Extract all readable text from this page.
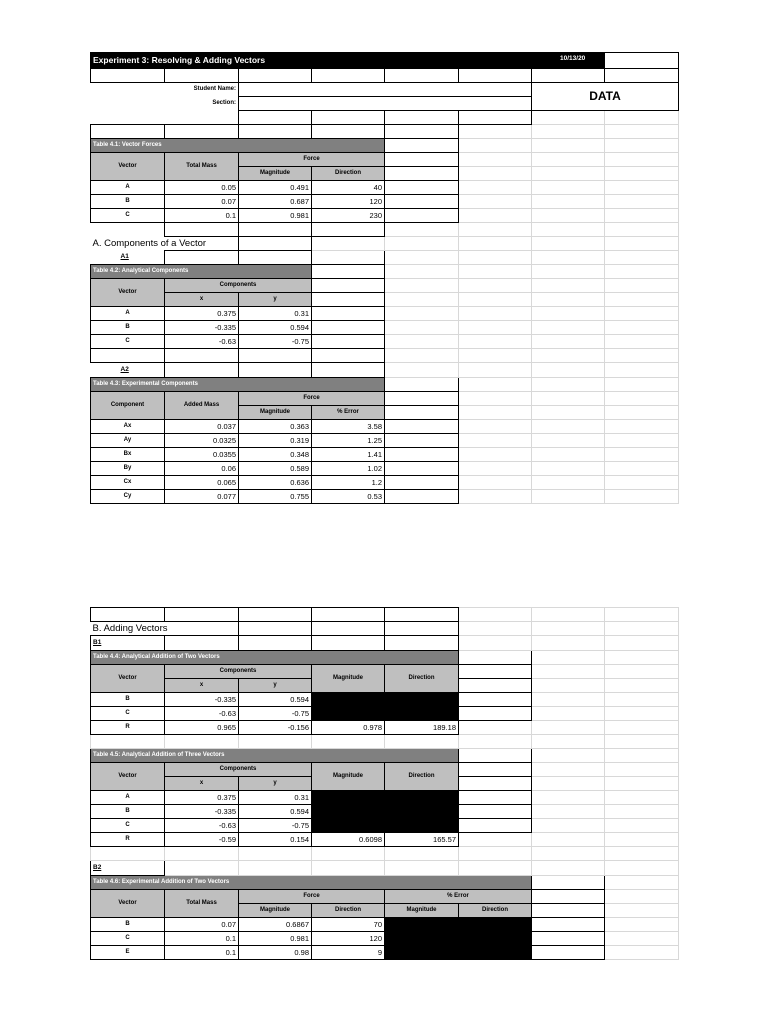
Experiment 3: Resolving & Adding Vectors							

	Student Name:					DATA	
	Section:						

Table 4.1: Vector Forces							
Vector	Total Mass	Force					
		Magnitude	Direction				
A	0.05	0.491	40				
B	0.07	0.687	120				
C	0.1	0.981	230				

A. Components of a Vector							
A1							
Table 4.2: Analytical Components							
Vector	Components						
	x	y					
A	0.375	0.31					
B	-0.335	0.594					
C	-0.63	-0.75					

A2							
Table 4.3: Experimental Components							
Component	Added Mass	Force					
		Magnitude	% Error				
Ax	0.037	0.363	3.58				
Ay	0.0325	0.319	1.25				
Bx	0.0355	0.348	1.41				
By	0.06	0.589	1.02				
Cx	0.065	0.636	1.2				
Cy	0.077	0.755	0.53				

B. Adding Vectors							
B1							
Table 4.4: Analytical Addition of Two Vectors							
Vector	Components		Magnitude	Direction			
	x	y					
B	-0.335	0.594					
C	-0.63	-0.75					
R	0.965	-0.156	0.978	189.18			

Table 4.5: Analytical Addition of Three Vectors							
Vector	Components		Magnitude	Direction			
	x	y					
A	0.375	0.31					
B	-0.335	0.594					
C	-0.63	-0.75					
R	-0.59	0.154	0.6098	165.57			

B2							
Table 4.6: Experimental Addition of Two Vectors							
Vector	Total Mass	Force		% Error			
		Magnitude	Direction	Magnitude	Direction		
B	0.07	0.6867	70				
C	0.1	0.981	120				
E	0.1	0.98	9				
10/13/20
